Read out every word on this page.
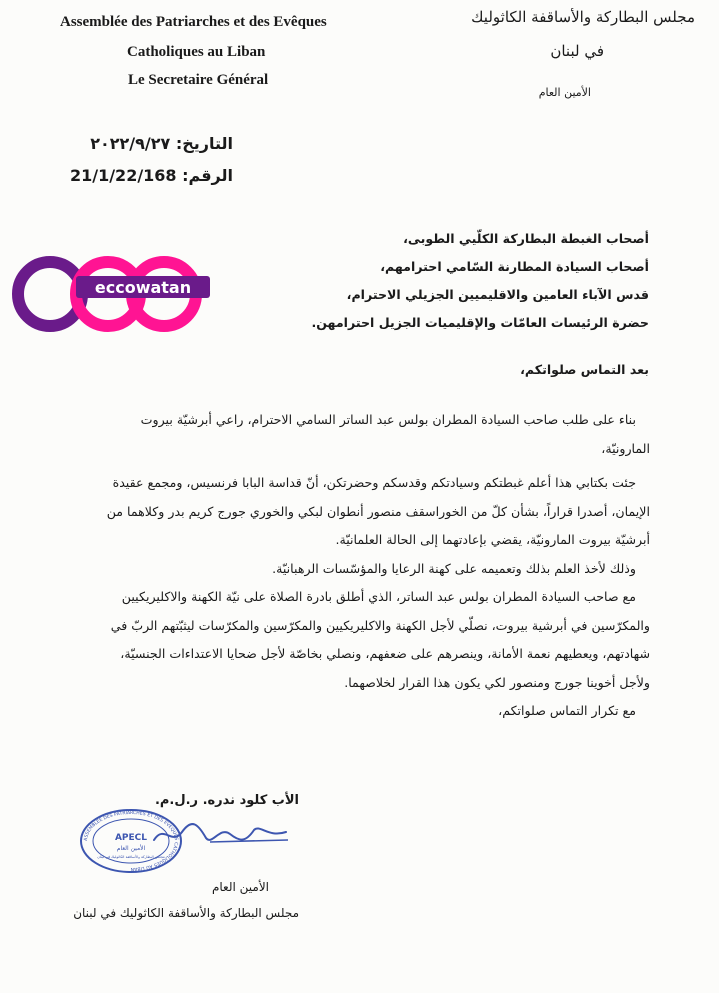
Assemblée des Patriarches et des Evêques
Catholiques au Liban
Le Secretaire Général
مجلس البطاركة والأساقفة الكاثوليك
في لبنان
الأمين العام
التاريخ: ٢٠٢٢/٩/٢٧
الرقم: 21/1/22/168
eccowatan

أصحاب الغبطة البطاركة الكلّيي الطوبى،

أصحاب السيادة المطارنة السّامي احترامهم،

قدس الآباء العامين والاقليميين الجزيلي الاحترام،

حضرة الرئيسات العامّات والإقليميات الجزيل احترامهن.

بعد التماس صلواتكم،

بناء على طلب صاحب السيادة المطران بولس عبد الساتر السامي الاحترام، راعي أبرشيّة بيروت المارونيّة،

جئت بكتابي هذا أعلم غبطتكم وسيادتكم وقدسكم وحضرتكن، أنّ قداسة البابا فرنسيس، ومجمع عقيدة الإيمان، أصدرا قراراً، بشأن كلّ من الخوراسقف منصور أنطوان لبكي والخوري جورج كريم بدر وكلاهما من أبرشيّة بيروت المارونيّة، يقضي بإعادتهما إلى الحالة العلمانيّة.

وذلك لأخذ العلم بذلك وتعميمه على كهنة الرعايا والمؤسّسات الرهبانيّة.

مع صاحب السيادة المطران بولس عبد الساتر، الذي أطلق بادرة الصلاة على نيّة الكهنة والاكليريكيين والمكرّسين في أبرشية بيروت، نصلّي لأجل الكهنة والاكليريكيين والمكرّسين والمكرّسات ليثبّتهم الربّ في شهادتهم، ويعطيهم نعمة الأمانة، وينصرهم على ضعفهم، ونصلي بخاصّة لأجل ضحايا الاعتداءات الجنسيّة، ولأجل أخوينا جورج ومنصور لكي يكون هذا القرار لخلاصهما.

مع تكرار التماس صلواتكم،

الأب كلود ندره. ر.ل.م.
ASSEMBLEE DES PATRIARCHES ET DES EVEQUES CATHOLIQUES AU LIBAN
APECL
الأمين العام
مجلس البطاركة والأساقفة الكاثوليك في لبنان
الأمين العام
مجلس البطاركة والأساقفة الكاثوليك في لبنان
